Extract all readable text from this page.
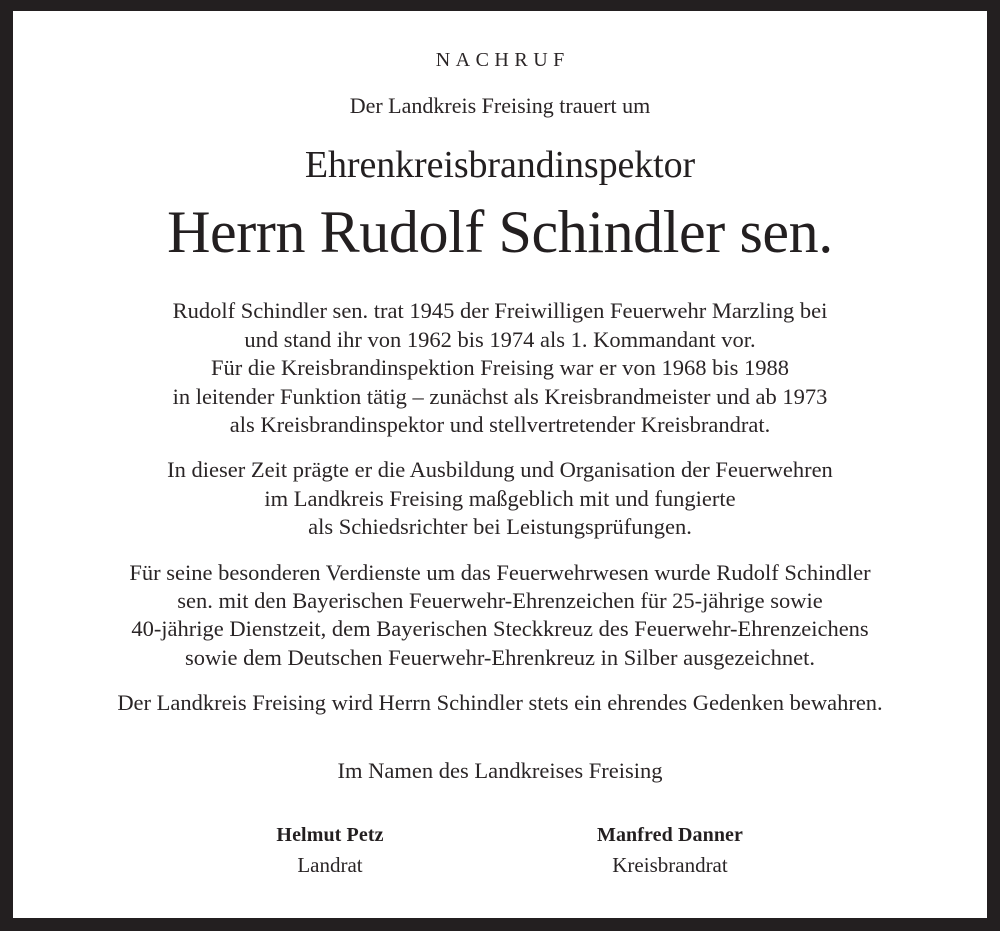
NACHRUF
Der Landkreis Freising trauert um
Ehrenkreisbrandinspektor
Herrn Rudolf Schindler sen.
Rudolf Schindler sen. trat 1945 der Freiwilligen Feuerwehr Marzling bei
und stand ihr von 1962 bis 1974 als 1. Kommandant vor.
Für die Kreisbrandinspektion Freising war er von 1968 bis 1988
in leitender Funktion tätig – zunächst als Kreisbrandmeister und ab 1973
als Kreisbrandinspektor und stellvertretender Kreisbrandrat.
In dieser Zeit prägte er die Ausbildung und Organisation der Feuerwehren
im Landkreis Freising maßgeblich mit und fungierte
als Schiedsrichter bei Leistungsprüfungen.
Für seine besonderen Verdienste um das Feuerwehrwesen wurde Rudolf Schindler
sen. mit den Bayerischen Feuerwehr-Ehrenzeichen für 25-jährige sowie
40-jährige Dienstzeit, dem Bayerischen Steckkreuz des Feuerwehr-Ehrenzeichens
sowie dem Deutschen Feuerwehr-Ehrenkreuz in Silber ausgezeichnet.
Der Landkreis Freising wird Herrn Schindler stets ein ehrendes Gedenken bewahren.
Im Namen des Landkreises Freising
Helmut Petz
Landrat
Manfred Danner
Kreisbrandrat
